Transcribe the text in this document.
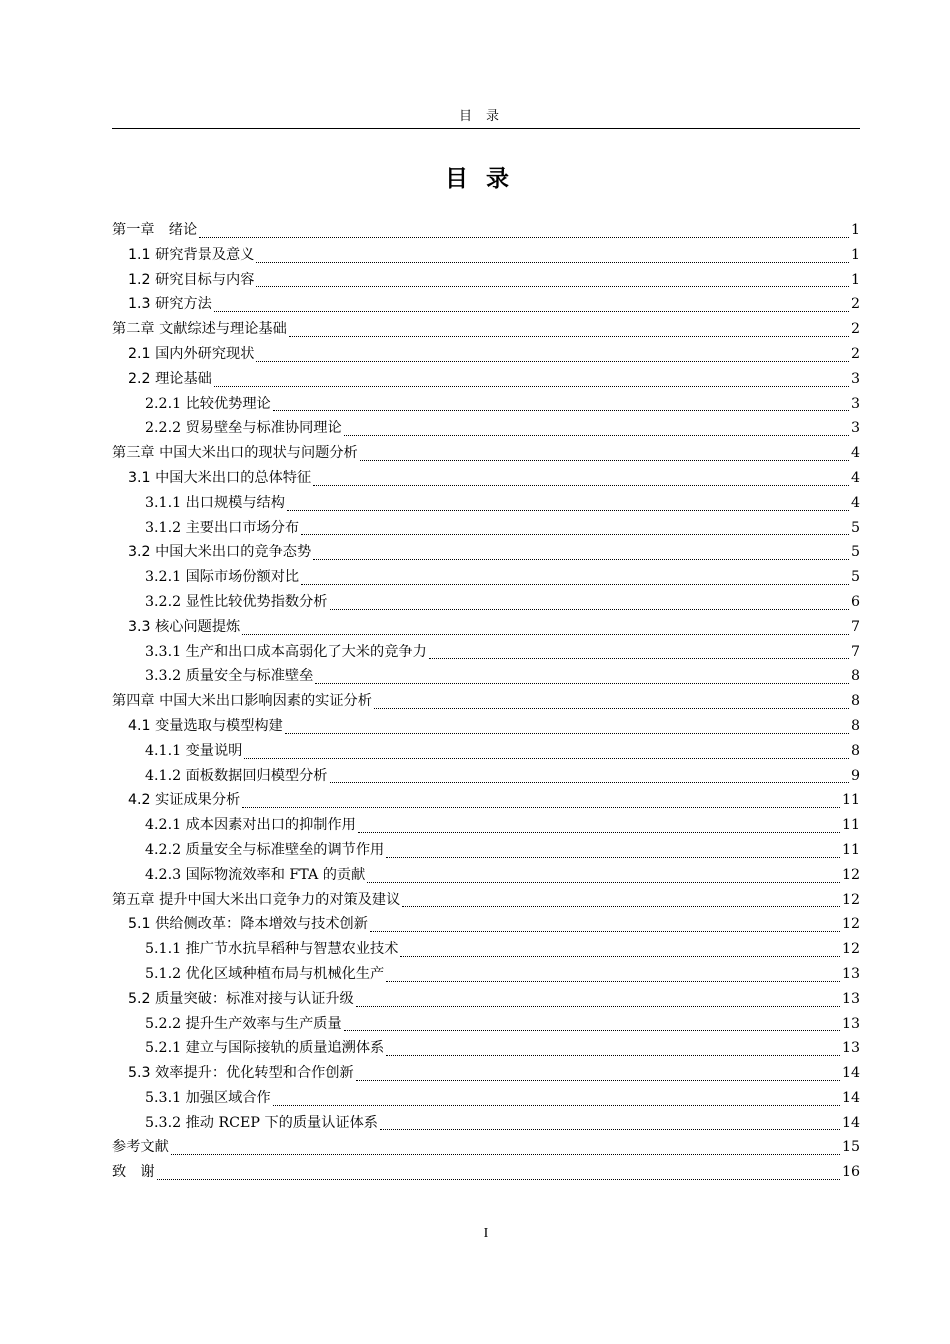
目录
目录
第一章　绪论	1
1.1 研究背景及意义	1
1.2 研究目标与内容	1
1.3 研究方法	2
第二章 文献综述与理论基础	2
2.1 国内外研究现状	2
2.2 理论基础	3
2.2.1 比较优势理论	3
2.2.2 贸易壁垒与标准协同理论	3
第三章 中国大米出口的现状与问题分析	4
3.1 中国大米出口的总体特征	4
3.1.1 出口规模与结构	4
3.1.2 主要出口市场分布	5
3.2 中国大米出口的竞争态势	5
3.2.1 国际市场份额对比	5
3.2.2 显性比较优势指数分析	6
3.3 核心问题提炼	7
3.3.1 生产和出口成本高弱化了大米的竞争力	7
3.3.2 质量安全与标准壁垒	8
第四章 中国大米出口影响因素的实证分析	8
4.1 变量选取与模型构建	8
4.1.1 变量说明	8
4.1.2 面板数据回归模型分析	9
4.2 实证成果分析	11
4.2.1 成本因素对出口的抑制作用	11
4.2.2 质量安全与标准壁垒的调节作用	11
4.2.3 国际物流效率和 FTA 的贡献	12
第五章 提升中国大米出口竞争力的对策及建议	12
5.1 供给侧改革：降本增效与技术创新	12
5.1.1 推广节水抗旱稻种与智慧农业技术	12
5.1.2 优化区域种植布局与机械化生产	13
5.2 质量突破：标准对接与认证升级	13
5.2.2 提升生产效率与生产质量	13
5.2.1 建立与国际接轨的质量追溯体系	13
5.3 效率提升：优化转型和合作创新	14
5.3.1 加强区域合作	14
5.3.2 推动 RCEP 下的质量认证体系	14
参考文献	15
致　谢	16
I
